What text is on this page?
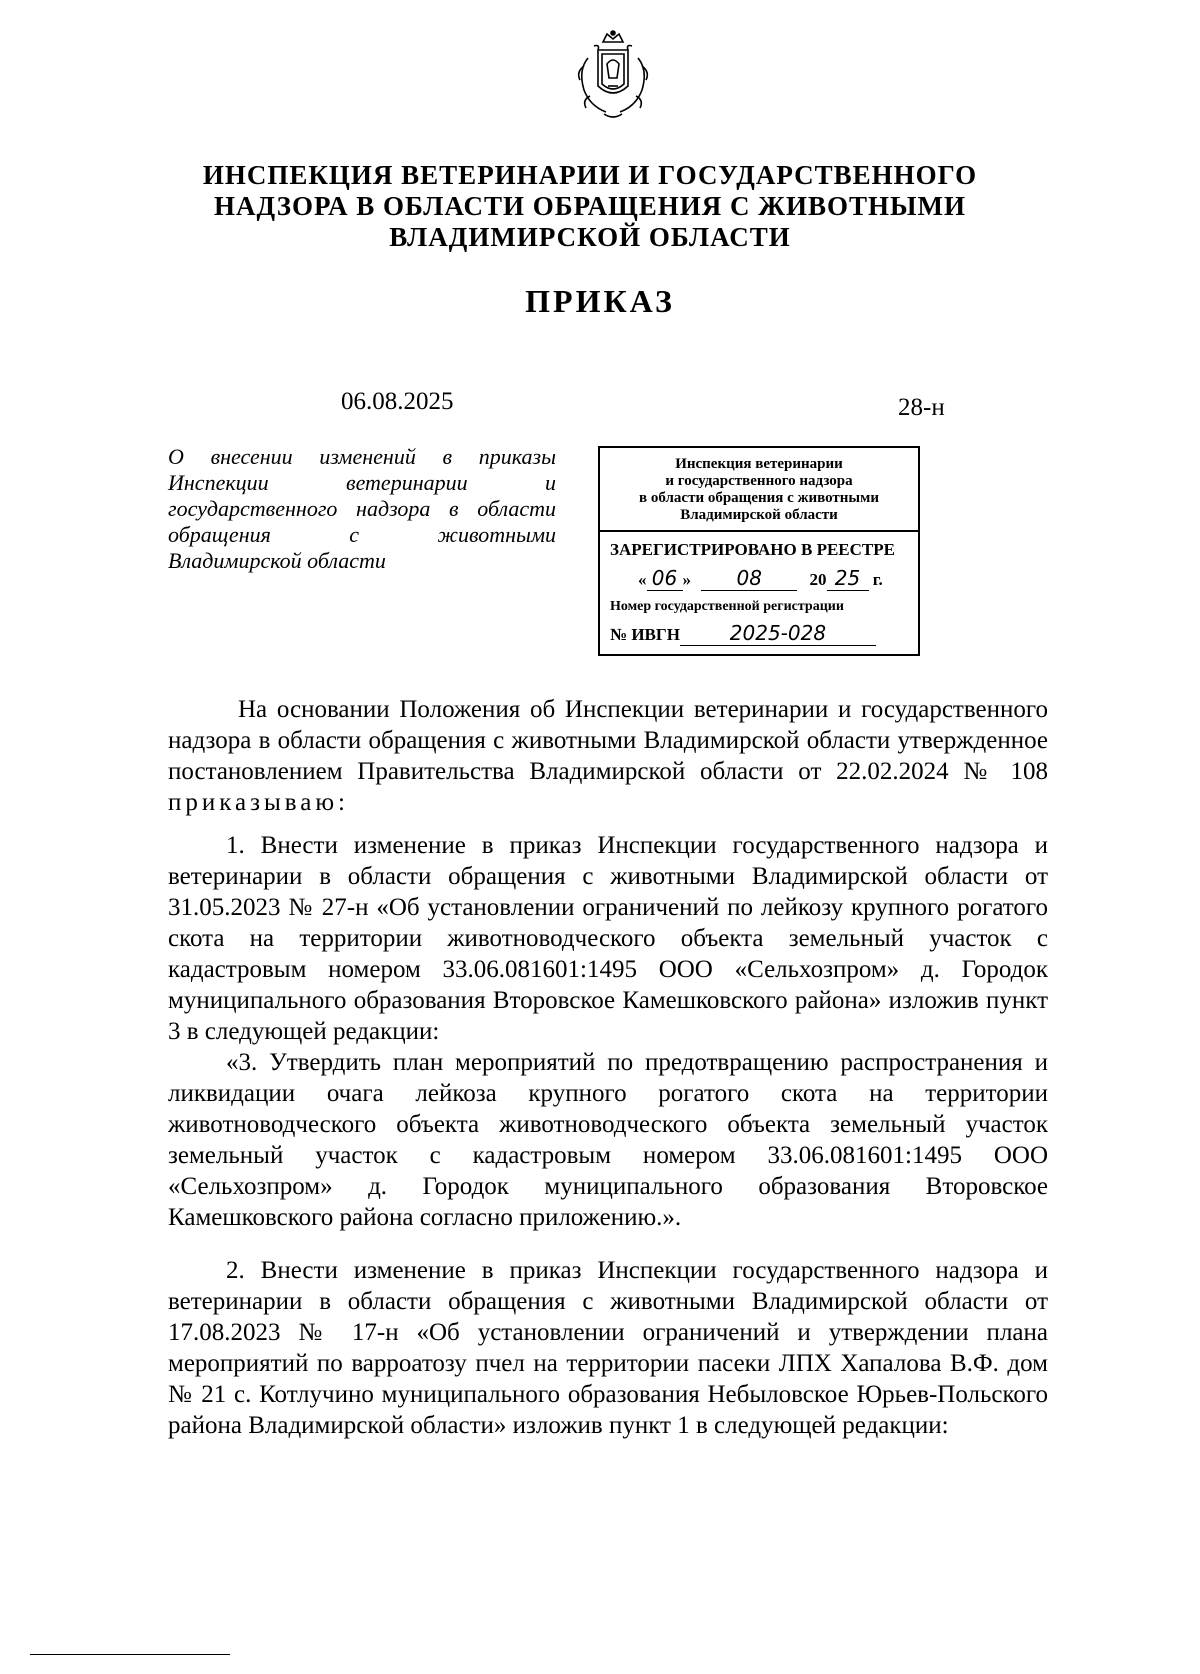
ИНСПЕКЦИЯ ВЕТЕРИНАРИИ И ГОСУДАРСТВЕННОГО
НАДЗОРА В ОБЛАСТИ ОБРАЩЕНИЯ С ЖИВОТНЫМИ
ВЛАДИМИРСКОЙ ОБЛАСТИ
ПРИКАЗ
06.08.2025	28-н
О внесении изменений в приказы
Инспекции ветеринарии и
государственного надзора в области
обращения с животными
Владимирской области
Инспекция ветеринарии
и государственного надзора
в области обращения с животными
Владимирской области
ЗАРЕГИСТРИРОВАНО В РЕЕСТРЕ
« 06 » 08	20 25 г.
Номер государственной регистрации
№ ИВГН 2025-028

На основании Положения об Инспекции ветеринарии и государственного надзора в области обращения с животными Владимирской области утвержденное постановлением Правительства Владимирской области от 22.02.2024 № 108 приказываю:

1. Внести изменение в приказ Инспекции государственного надзора и ветеринарии в области обращения с животными Владимирской области от 31.05.2023 № 27-н «Об установлении ограничений по лейкозу крупного рогатого скота на территории животноводческого объекта земельный участок с кадастровым номером 33.06.081601:1495 ООО «Сельхозпром» д. Городок муниципального образования Второвское Камешковского района» изложив пункт 3 в следующей редакции:

«3. Утвердить план мероприятий по предотвращению распространения и ликвидации очага лейкоза крупного рогатого скота на территории животноводческого объекта животноводческого объекта земельный участок земельный участок с кадастровым номером 33.06.081601:1495 ООО «Сельхозпром» д. Городок муниципального образования Второвское Камешковского района согласно приложению.».

2. Внести изменение в приказ Инспекции государственного надзора и ветеринарии в области обращения с животными Владимирской области от 17.08.2023 № 17-н «Об установлении ограничений и утверждении плана мероприятий по варроатозу пчел на территории пасеки ЛПХ Хапалова В.Ф. дом № 21 с. Котлучино муниципального образования Небыловское Юрьев-Польского района Владимирской области» изложив пункт 1 в следующей редакции:
